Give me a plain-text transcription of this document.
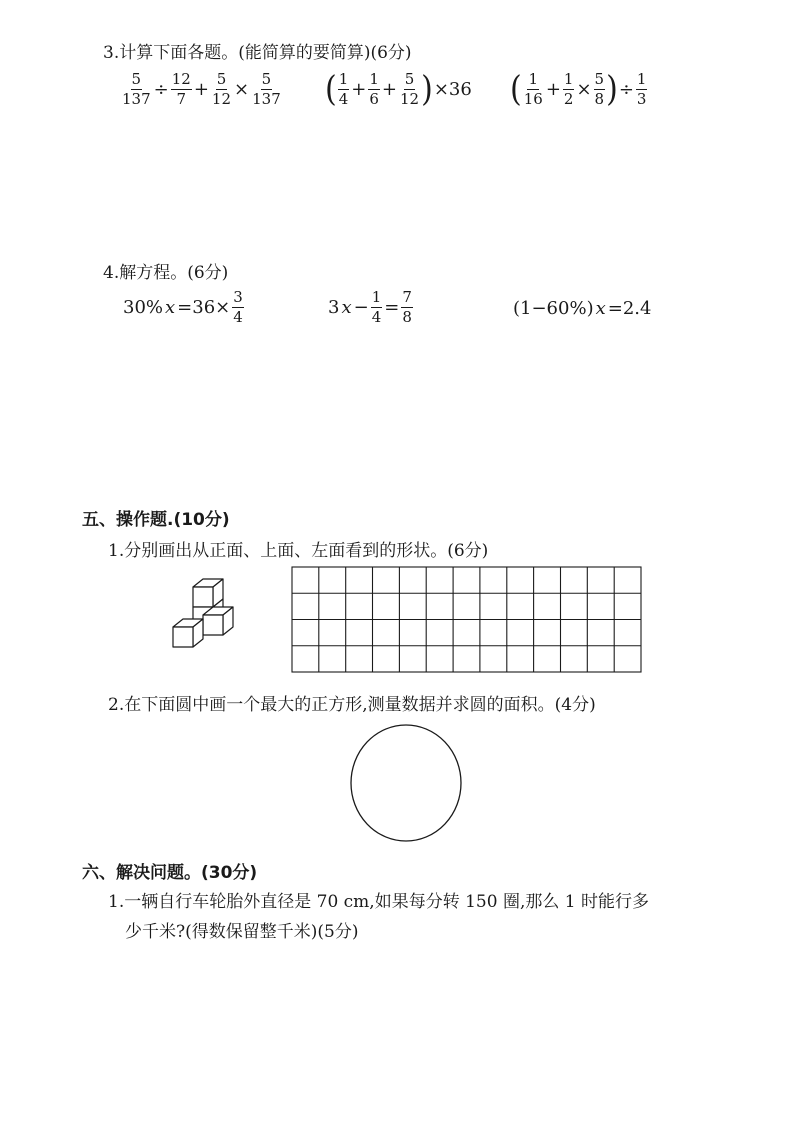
3.计算下面各题。(能简算的要简算)(6分)
$\frac{5}{137} \div \frac{12}{7} + \frac{5}{12} \times \frac{5}{137}$ ( $\frac{1}{4} + \frac{1}{6} + \frac{5}{12}$ ) ×36 ( $\frac{1}{16} + \frac{1}{2} \times \frac{5}{8}$ ) ÷ $\frac{1}{3}$
4.解方程。(6分)
30% $x =36\times \frac{3}{4}$	3 $x - \frac{1}{4} = \frac{7}{8}$	(1−60%) x =2.4
五、操作题.(10分)
1.分别画出从正面、上面、左面看到的形状。(6分)
2.在下面圆中画一个最大的正方形,测量数据并求圆的面积。(4分)
六、解决问题。(30分)
1.一辆自行车轮胎外直径是 70 cm,如果每分转 150 圈,那么 1 时能行多
少千米?(得数保留整千米)(5分)
